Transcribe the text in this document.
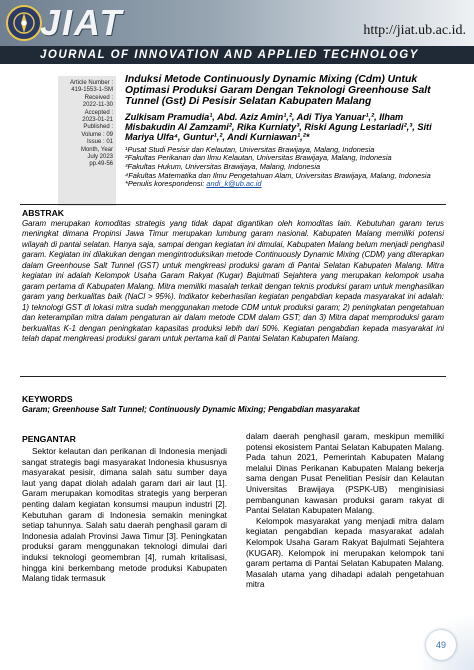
JIAT	http://jiat.ub.ac.id.
JOURNAL OF INNOVATION AND APPLIED TECHNOLOGY
Article Number :
419-1553-1-SM
Received :
2022-11-30
Accepted :
2023-01-21
Published :
Volume : 09
Issue : 01
Month, Year
July 2023
pp.49-56
Induksi Metode Continuously Dynamic Mixing (Cdm) Untuk Optimasi Produksi Garam Dengan Teknologi Greenhouse Salt Tunnel (Gst) Di Pesisir Selatan Kabupaten Malang
Zulkisam Pramudia¹, Abd. Aziz Amin¹,², Adi Tiya Yanuar¹,², Ilham Misbakudin Al Zamzami², Rika Kurniaty³, Riski Agung Lestariadi²,³, Siti Mariya Ulfa⁴, Guntur¹,², Andi Kurniawan¹,²*
¹Pusat Studi Pesisir dan Kelautan, Universitas Brawijaya, Malang, Indonesia
²Fakultas Perikanan dan Ilmu Kelautan, Universitas Brawijaya, Malang, Indonesia
³Fakultas Hukum, Universitas Brawijaya, Malang, Indonesia
⁴Fakultas Matematika dan Ilmu Pengetahuan Alam, Universitas Brawijaya, Malang, Indonesia
*Penulis korespondensi: andi_k@ub.ac.id
ABSTRAK
Garam merupakan komoditas strategis yang tidak dapat digantikan oleh komoditas lain. Kebutuhan garam terus meningkat dimana Propinsi Jawa Timur merupakan lumbung garam nasional. Kabupaten Malang memiliki potensi wilayah di pantai selatan. Hanya saja, sampai dengan kegiatan ini dimulai, Kabupaten Malang belum menjadi penghasil garam. Kegiatan ini dilakukan dengan mengintroduksikan metode Continuously Dynamic Mixing (CDM) yang diterapkan dalam Greenhouse Salt Tunnel (GST) untuk mengkreasi produksi garam di Pantai Selatan Kabupaten Malang. Mitra kegiatan ini adalah Kelompok Usaha Garam Rakyat (Kugar) Bajulmati Sejahtera yang merupakan kelompok usaha garam pertama di Kabupaten Malang. Mitra memiliki masalah terkait dengan teknis produksi garam untuk menghasilkan garam yang berkualitas baik (NaCl > 95%). Indikator keberhasilan kegiatan pengabdian kepada masyarakat ini adalah: 1) teknologi GST di lokasi mitra sudah menggunakan metode CDM untuk produksi garam; 2) peningkatan pengetahuan dan keterampilan mitra dalam pengaturan air dalam metode CDM dalam GST; dan 3) Mitra dapat memproduksi garam berkualitas K-1 dengan peningkatan kapasitas produksi lebih dari 50%. Kegiatan pengabdian kepada masyarakat ini telah dapat mengkreasi produksi garam untuk pertama kali di Pantai Selatan Kabupaten Malang.
KEYWORDS
Garam; Greenhouse Salt Tunnel; Continuously Dynamic Mixing; Pengabdian masyarakat
PENGANTAR

Sektor kelautan dan perikanan di Indonesia menjadi sangat strategis bagi masyarakat Indonesia khususnya masyarakat pesisir, dimana salah satu sumber daya laut yang dapat diolah adalah garam dari air laut [1]. Garam merupakan komoditas strategis yang berperan penting dalam kegiatan konsumsi maupun industri [2]. Kebutuhan garam di Indonesia semakin meningkat setiap tahunnya. Salah satu daerah penghasil garam di Indonesia adalah Provinsi Jawa Timur [3]. Peningkatan produksi garam menggunakan teknologi dimulai dari induksi teknologi geomembran [4], rumah kritalisasi, hingga kini berkembang metode produksi Kabupaten Malang tidak termasuk

dalam daerah penghasil garam, meskipun memiliki potensi ekosistem Pantai Selatan Kabupaten Malang. Pada tahun 2021, Pemerintah Kabupaten Malang melalui Dinas Perikanan Kabupaten Malang bekerja sama dengan Pusat Penelitian Pesisir dan Kelautan Universitas Brawijaya (PSPK-UB) menginisiasi pembangunan kawasan produksi garam rakyat di Pantai Selatan Kabupaten Malang.

Kelompok masyarakat yang menjadi mitra dalam kegiatan pengabdian kepada masyarakat adalah Kelompok Usaha Garam Rakyat Bajulmati Sejahtera (KUGAR). Kelompok ini merupakan kelompok tani garam pertama di Pantai Selatan Kabupaten Malang. Masalah utama yang dihadapi adalah pengetahuan mitra

49
